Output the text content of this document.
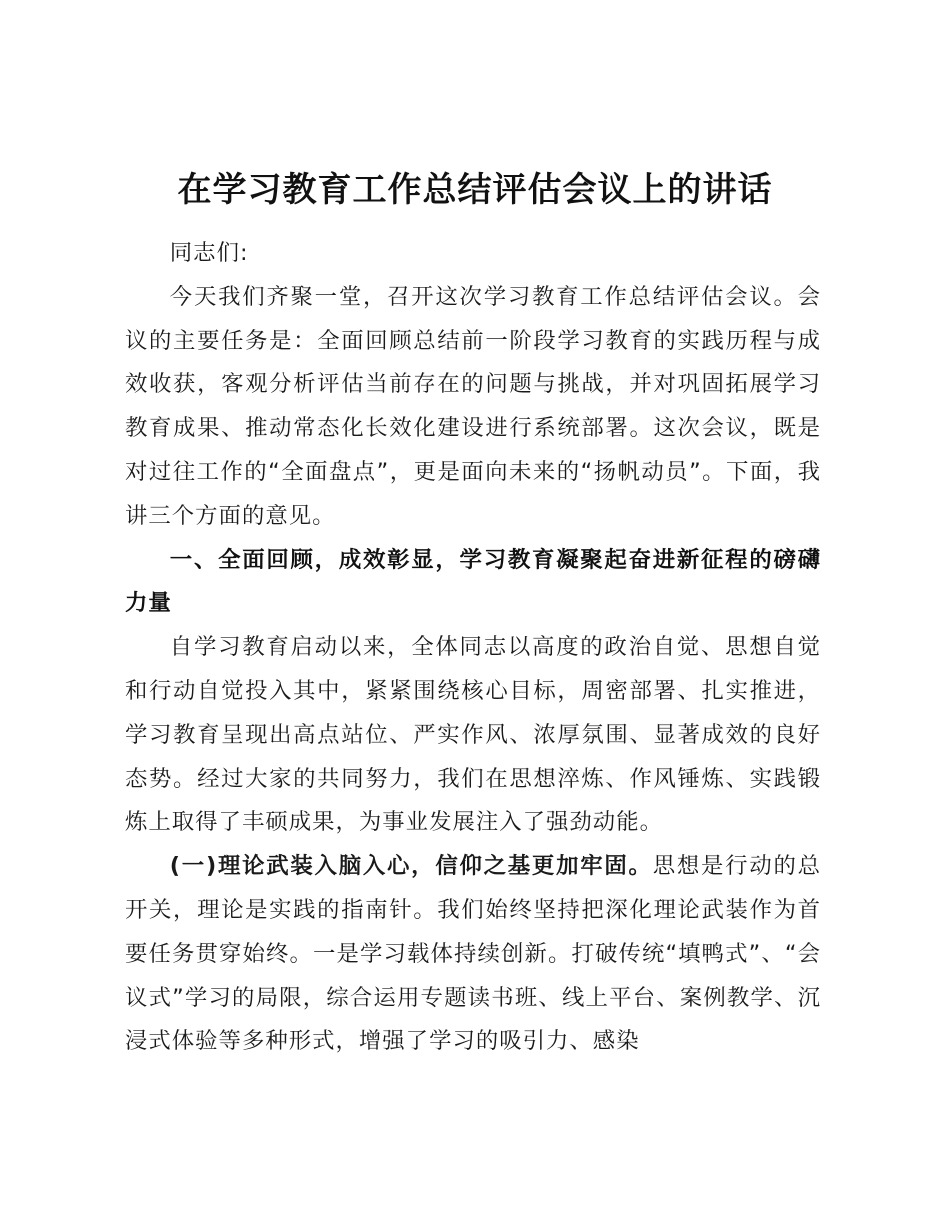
在学习教育工作总结评估会议上的讲话

同志们:

今天我们齐聚一堂，召开这次学习教育工作总结评估会议。会议的主要任务是：全面回顾总结前一阶段学习教育的实践历程与成效收获，客观分析评估当前存在的问题与挑战，并对巩固拓展学习教育成果、推动常态化长效化建设进行系统部署。这次会议，既是对过往工作的“全面盘点”，更是面向未来的“扬帆动员”。下面，我讲三个方面的意见。

一、全面回顾，成效彰显，学习教育凝聚起奋进新征程的磅礴力量

自学习教育启动以来，全体同志以高度的政治自觉、思想自觉和行动自觉投入其中，紧紧围绕核心目标，周密部署、扎实推进，学习教育呈现出高点站位、严实作风、浓厚氛围、显著成效的良好态势。经过大家的共同努力，我们在思想淬炼、作风锤炼、实践锻炼上取得了丰硕成果，为事业发展注入了强劲动能。

(一)理论武装入脑入心，信仰之基更加牢固。思想是行动的总开关，理论是实践的指南针。我们始终坚持把深化理论武装作为首要任务贯穿始终。一是学习载体持续创新。打破传统“填鸭式”、“会议式”学习的局限，综合运用专题读书班、线上平台、案例教学、沉浸式体验等多种形式，增强了学习的吸引力、感染
